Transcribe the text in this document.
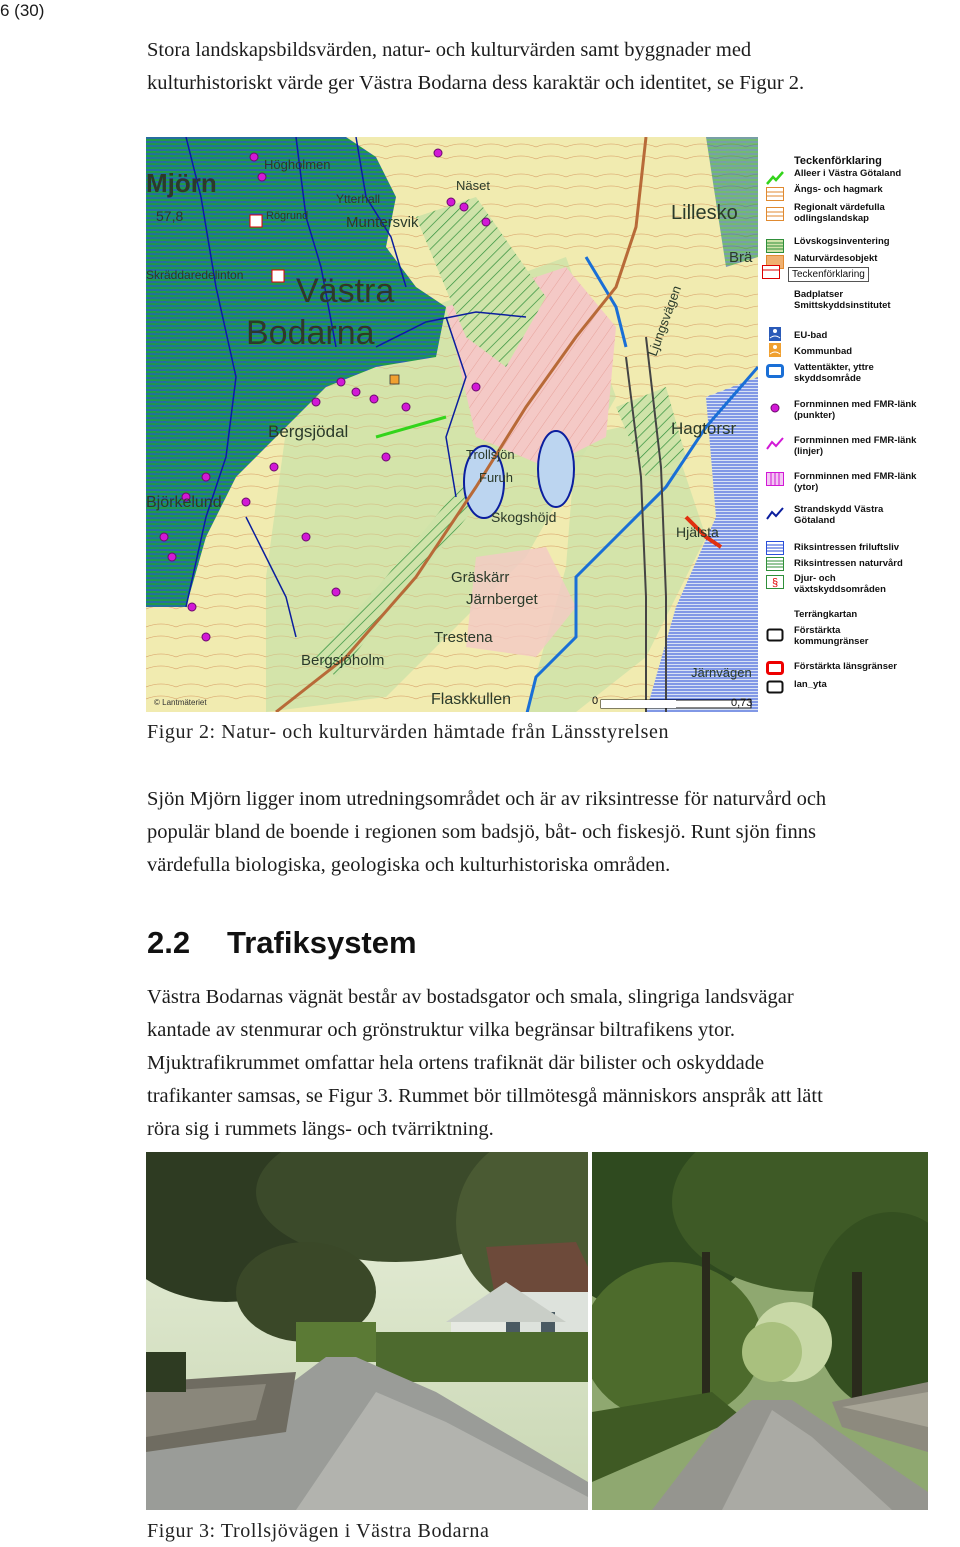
6 (30)
Stora landskapsbildsvärden, natur- och kulturvärden samt byggnader med
kulturhistoriskt värde ger Västra Bodarna dess karaktär och identitet, se Figur 2.
Mjörn
57,8
Högholmen
Näset
Lillesko
Ytterhall
Rögrund	Muntersvik
Skräddaredelinton Västra
Bodarna
Brä
Bergsjödal
Trollsjön
Furuh
Skogshöjd
Hagtorsr
Björkelund
Gräskärr
Järnberget
Trestena
Bergsjöholm
Flaskkullen
Hjälsta
Järnvägen
Ljungsvägen
© Lantmäteriet	0	0,73
Teckenförklaring
Alleer i Västra Götaland
Ängs- och hagmark
Regionalt värdefulla odlingslandskap
Lövskogsinventering
Naturvärdesobjekt
Teckenförklaring
Badplatser Smittskyddsinstitutet
EU-bad
Kommunbad
Vattentäkter, yttre skyddsområde
Fornminnen med FMR-länk (punkter)
Fornminnen med FMR-länk (linjer)
Fornminnen med FMR-länk (ytor)
Strandskydd Västra Götaland
Riksintressen friluftsliv
Riksintressen naturvård
§ Djur- och växtskyddsområden
Terrängkartan
Förstärkta kommungränser
Förstärkta länsgränser
lan_yta
Figur 2: Natur- och kulturvärden hämtade från Länsstyrelsen
Sjön Mjörn ligger inom utredningsområdet och är av riksintresse för naturvård och
populär bland de boende i regionen som badsjö, båt- och fiskesjö. Runt sjön finns
värdefulla biologiska, geologiska och kulturhistoriska områden.
2.2 Trafiksystem
Västra Bodarnas vägnät består av bostadsgator och smala, slingriga landsvägar
kantade av stenmurar och grönstruktur vilka begränsar biltrafikens ytor.
Mjuktrafikrummet omfattar hela ortens trafiknät där bilister och oskyddade
trafikanter samsas, se Figur 3. Rummet bör tillmötesgå människors anspråk att lätt
röra sig i rummets längs- och tvärriktning.
Figur 3: Trollsjövägen i Västra Bodarna
